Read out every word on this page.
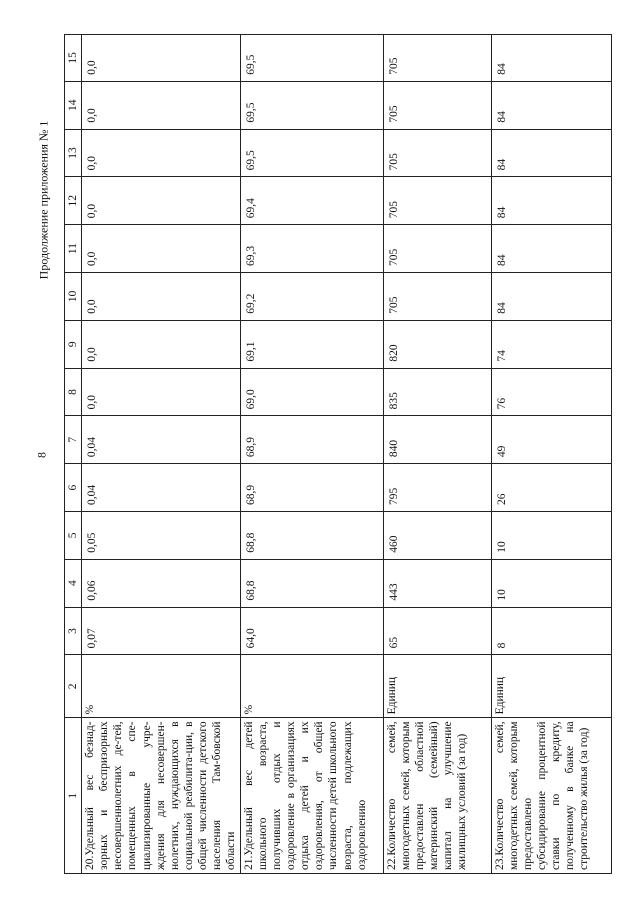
8
Продолжение приложения № 1
1	2	3	4	5	6	7	8	9	10	11	12	13	14	15
20.Удельный вес безнад-зорных и беспризорных несовершеннолетних де-тей, помещенных в спе-циализированные учре-ждения для несовершен-нолетних, нуждающихся в социальной реабилита-ции, в общей численности детского населения Там-бовской области	%	0,07	0,06	0,05	0,04	0,04	0,0	0,0	0,0	0,0	0,0	0,0	0,0	0,0
21.Удельный вес детей школьного возраста, получивших отдых и оздоровление в организациях отдыха детей и их оздоровления, от общей численности детей школьного возраста, подлежащих оздоровлению	%	64,0	68,8	68,8	68,9	68,9	69,0	69,1	69,2	69,3	69,4	69,5	69,5	69,5
22.Количество семей, многодетных семей, которым предоставлен областной материнский (семейный) капитал на улучшение жилищных условий (за год)	Единиц	65	443	460	795	840	835	820	705	705	705	705	705	705
23.Количество семей, многодетных семей, которым предоставлено субсидирование процентной ставки по кредиту, полученному в банке на строительство жилья (за год)	Единиц	8	10	10	26	49	76	74	84	84	84	84	84	84
